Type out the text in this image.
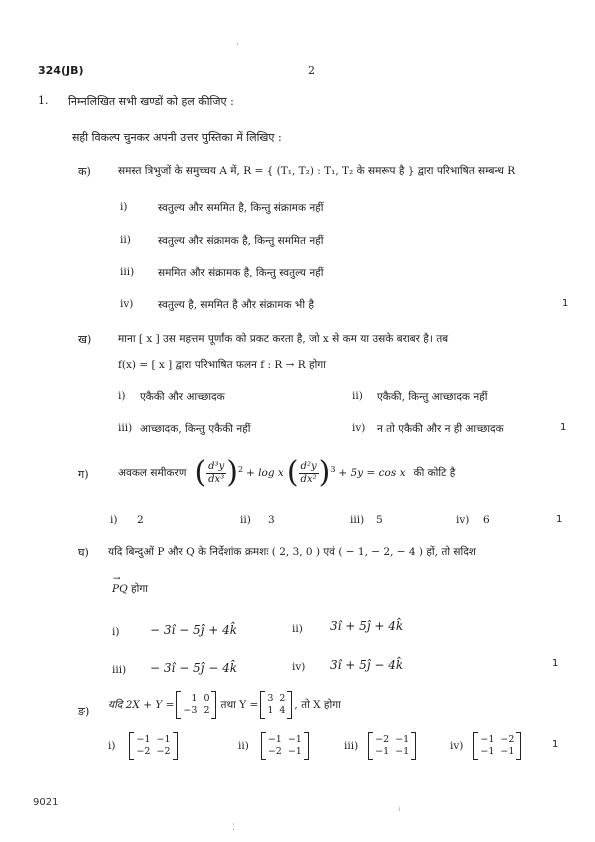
324(JB)	2
1. निम्नलिखित सभी खण्डों को हल कीजिए :
सही विकल्प चुनकर अपनी उत्तर पुस्तिका में लिखिए :
क)	समस्त त्रिभुजों के समुच्चय A में, R = { (T₁, T₂) : T₁, T₂ के समरूप है } द्वारा परिभाषित सम्बन्ध R
i)	स्वतुल्य और सममित है, किन्तु संक्रामक नहीं
ii)	स्वतुल्य और संक्रामक है, किन्तु सममित नहीं
iii) सममित और संक्रामक है, किन्तु स्वतुल्य नहीं
iv) स्वतुल्य है, सममित है और संक्रामक भी है	1
ख)	माना [ x ] उस महत्तम पूर्णांक को प्रकट करता है, जो x से कम या उसके बराबर है। तब
f(x) = [ x ] द्वारा परिभाषित फलन f : R → R होगा
i) एकैकी और आच्छादक	ii) एकैकी, किन्तु आच्छादक नहीं
iii) आच्छादक, किन्तु एकैकी नहीं	iv) न तो एकैकी और न ही आच्छादक	1
ग)	अवकल समीकरण ( $\frac{\text{d³y}}{\text{dx³}}$ ) 2 + log x ( $\frac{\text{d²y}}{\text{dx²}}$ ) 3 + 5y = cos x की कोटि है
i) 2	ii) 3	iii) 5	iv) 6	1
घ) यदि बिन्दुओं P और Q के निर्देशांक क्रमशः ( 2, 3, 0 ) एवं ( − 1, − 2, − 4 ) हों, तो सदिश
→
PQ होगा
i)	− 3î − 5ĵ + 4k̂	ii) 3î + 5ĵ + 4k̂
iii) − 3î − 5ĵ − 4k̂	iv) 3î + 5ĵ − 4k̂	1
ङ) यदि 2X + Y =
1 0
−3 2 तथा Y =
3 2
1 4 , तो X होगा
i)
−1 −1
−2 −2	ii)
−1 −1
−2 −1	iii)
−2 −1
−1 −1	iv)
−1 −2
−1 −1
1
9021
·
ʲ
⁚
